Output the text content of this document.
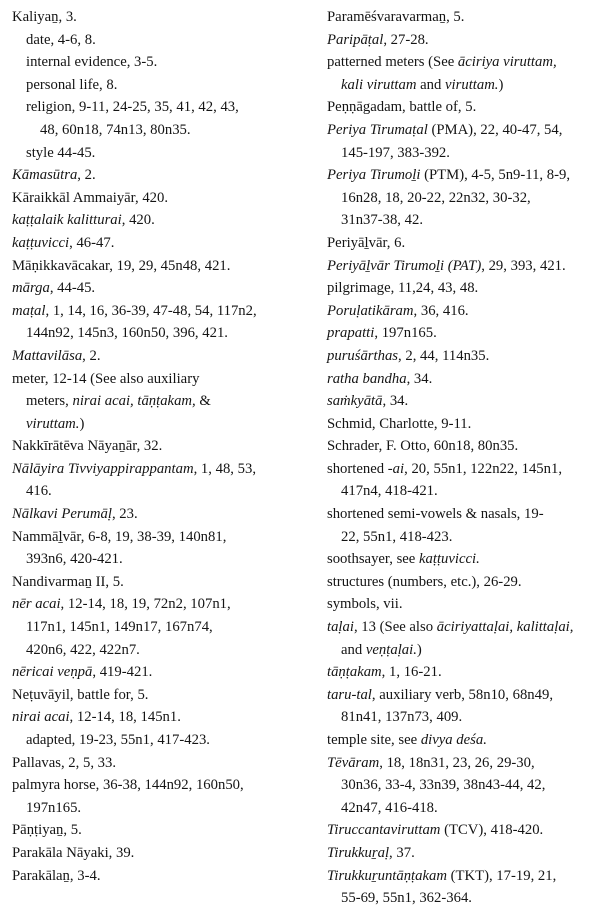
Kaliyaṉ, 3.
date, 4-6, 8.
internal evidence, 3-5.
personal life, 8.
religion, 9-11, 24-25, 35, 41, 42, 43,
48, 60n18, 74n13, 80n35.
style 44-45.
Kāmasūtra, 2.
Kāraikkāl Ammaiyār, 420.
kaṭṭalaik kalitturai, 420.
kaṭṭuvicci, 46-47.
Māṇikkavācakar, 19, 29, 45n48, 421.
mārga, 44-45.
maṭal, 1, 14, 16, 36-39, 47-48, 54, 117n2,
144n92, 145n3, 160n50, 396, 421.
Mattavilāsa, 2.
meter, 12-14 (See also auxiliary
meters, nirai acai, tāṇṭakam, &
viruttam.)
Nakkīrātēva Nāyaṉār, 32.
Nālāyira Tivviyappirappantam, 1, 48, 53,
416.
Nālkavi Perumāḷ, 23.
Nammāḻvār, 6-8, 19, 38-39, 140n81,
393n6, 420-421.
Nandivarmaṉ II, 5.
nēr acai, 12-14, 18, 19, 72n2, 107n1,
117n1, 145n1, 149n17, 167n74,
420n6, 422, 422n7.
nēricai veṇpā, 419-421.
Neṭuvāyil, battle for, 5.
nirai acai, 12-14, 18, 145n1.
adapted, 19-23, 55n1, 417-423.
Pallavas, 2, 5, 33.
palmyra horse, 36-38, 144n92, 160n50,
197n165.
Pāṇṭiyaṉ, 5.
Parakāla Nāyaki, 39.
Parakālaṉ, 3-4.
Paramēśvaravarmaṉ, 5.
Paripāṭal, 27-28.
patterned meters (See āciriya viruttam,
kali viruttam and viruttam.)
Peṇṇāgadam, battle of, 5.
Periya Tirumaṭal (PMA), 22, 40-47, 54,
145-197, 383-392.
Periya Tirumoḻi (PTM), 4-5, 5n9-11, 8-9,
16n28, 18, 20-22, 22n32, 30-32,
31n37-38, 42.
Periyāḻvār, 6.
Periyāḻvār Tirumoḻi (PAT), 29, 393, 421.
pilgrimage, 11,24, 43, 48.
Poruḷatikāram, 36, 416.
prapatti, 197n165.
puruśārthas, 2, 44, 114n35.
ratha bandha, 34.
saṁkyātā, 34.
Schmid, Charlotte, 9-11.
Schrader, F. Otto, 60n18, 80n35.
shortened -ai, 20, 55n1, 122n22, 145n1,
417n4, 418-421.
shortened semi-vowels & nasals, 19-
22, 55n1, 418-423.
soothsayer, see kaṭṭuvicci.
structures (numbers, etc.), 26-29.
symbols, vii.
taḷai, 13 (See also āciriyattaḷai, kalittaḷai,
and veṇṭaḷai.)
tāṇṭakam, 1, 16-21.
taru-tal, auxiliary verb, 58n10, 68n49,
81n41, 137n73, 409.
temple site, see divya deśa.
Tēvāram, 18, 18n31, 23, 26, 29-30,
30n36, 33-4, 33n39, 38n43-44, 42,
42n47, 416-418.
Tiruccantaviruttam (TCV), 418-420.
Tirukkuṟaḷ, 37.
Tirukkuṟuntāṇṭakam (TKT), 17-19, 21,
55-69, 55n1, 362-364.
